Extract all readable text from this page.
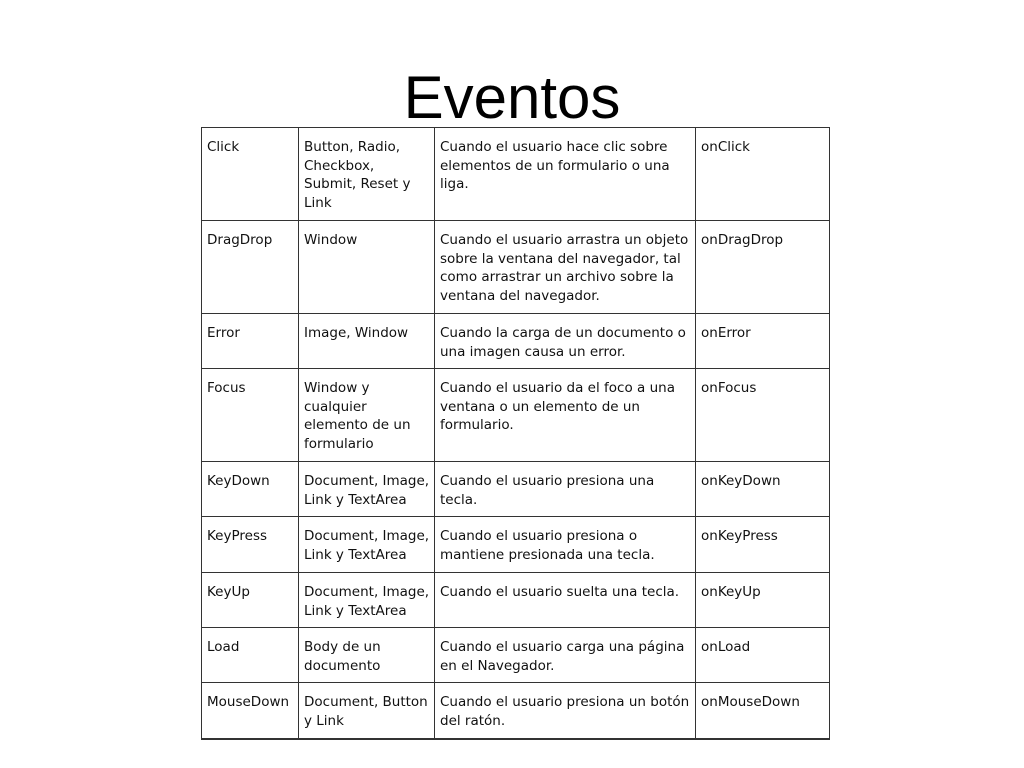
Eventos
Click	Button, Radio, Checkbox, Submit, Reset y Link	Cuando el usuario hace clic sobre elementos de un formulario o una liga.	onClick
DragDrop	Window	Cuando el usuario arrastra un objeto sobre la ventana del navegador, tal como arrastrar un archivo sobre la ventana del navegador.	onDragDrop
Error	Image, Window	Cuando la carga de un documento o una imagen causa un error.	onError
Focus	Window y cualquier elemento de un formulario	Cuando el usuario da el foco a una ventana o un elemento de un formulario.	onFocus
KeyDown	Document, Image, Link y TextArea	Cuando el usuario presiona una tecla.	onKeyDown
KeyPress	Document, Image, Link y TextArea	Cuando el usuario presiona o mantiene presionada una tecla.	onKeyPress
KeyUp	Document, Image, Link y TextArea	Cuando el usuario suelta una tecla.	onKeyUp
Load	Body de un documento	Cuando el usuario carga una página en el Navegador.	onLoad
MouseDown	Document, Button y Link	Cuando el usuario presiona un botón del ratón.	onMouseDown
